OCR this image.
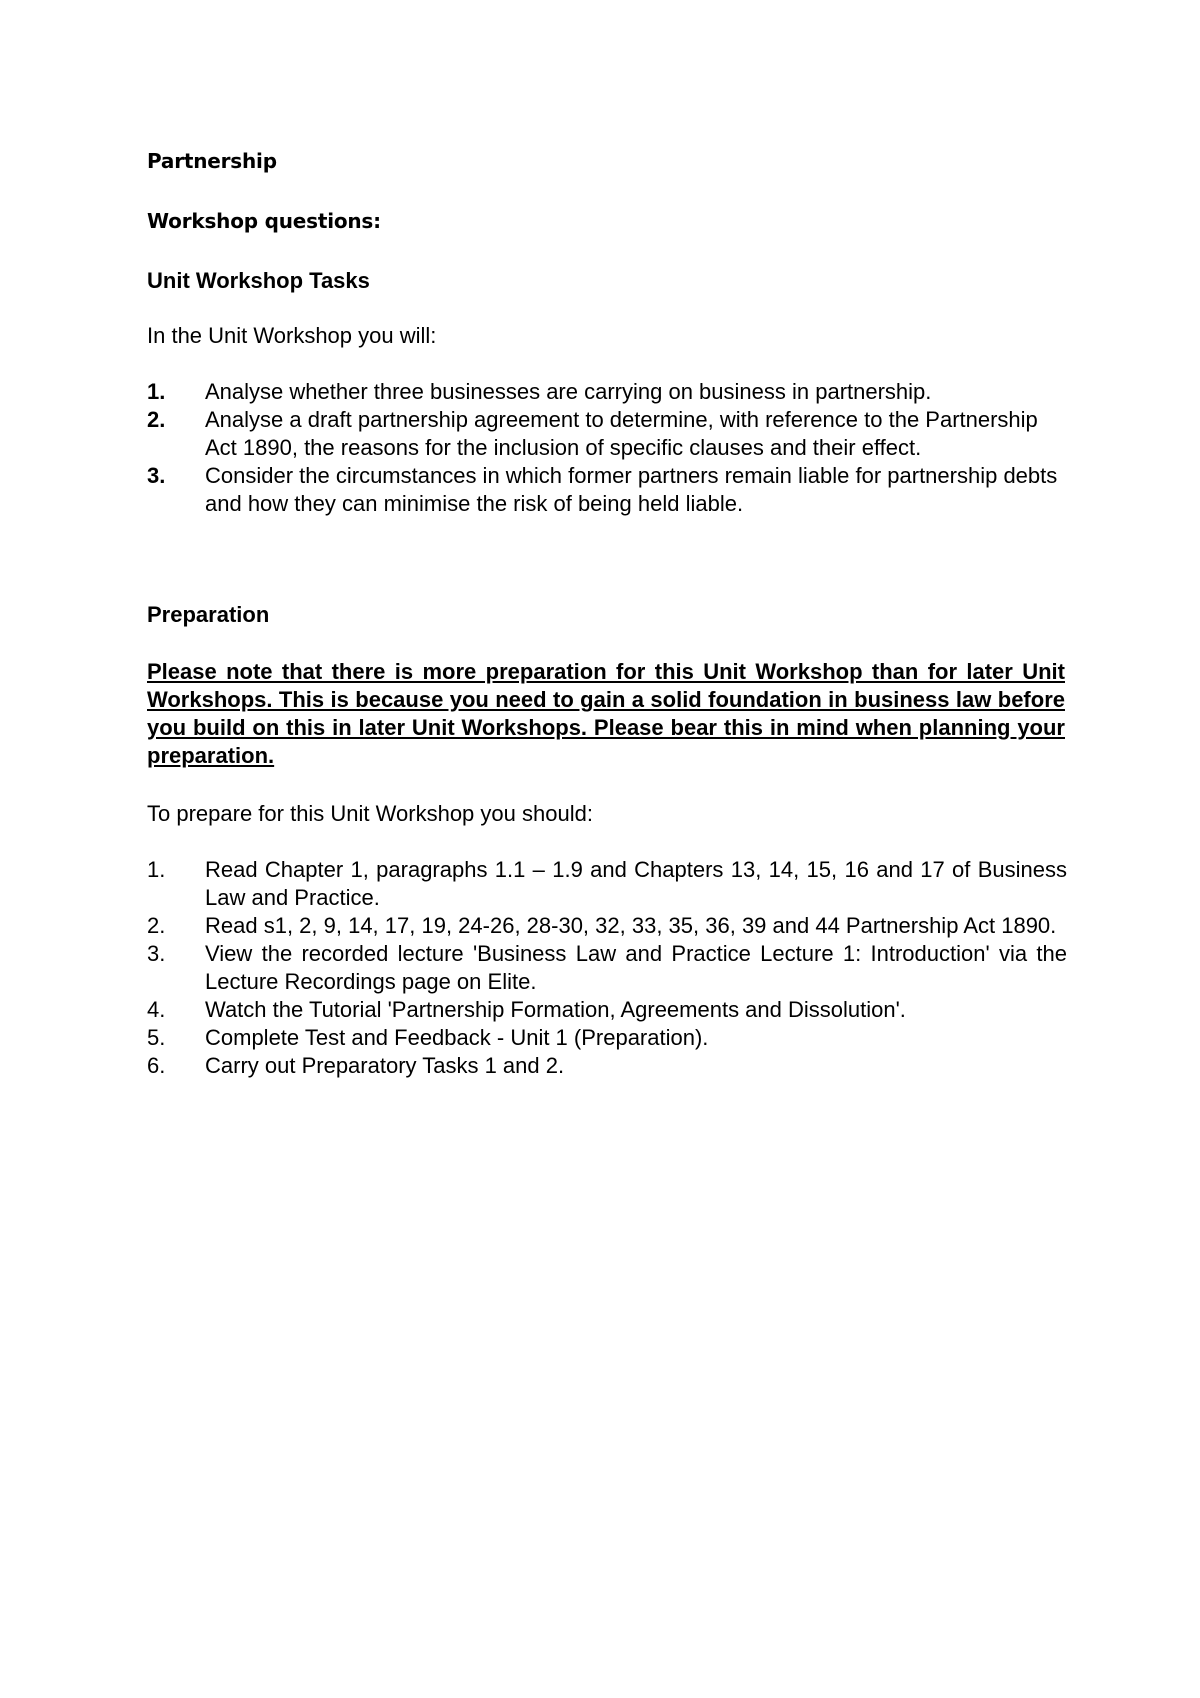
Partnership
Workshop questions:
Unit Workshop Tasks

In the Unit Workshop you will:

1.	Analyse whether three businesses are carrying on business in partnership.
2.	Analyse a draft partnership agreement to determine, with reference to the Partnership Act 1890, the reasons for the inclusion of specific clauses and their effect.
3.	Consider the circumstances in which former partners remain liable for partnership debts and how they can minimise the risk of being held liable.
Preparation

Please note that there is more preparation for this Unit Workshop than for later Unit Workshops. This is because you need to gain a solid foundation in business law before you build on this in later Unit Workshops. Please bear this in mind when planning your preparation.

To prepare for this Unit Workshop you should:

1.	Read Chapter 1, paragraphs 1.1 – 1.9 and Chapters 13, 14, 15, 16 and 17 of Business Law and Practice.
2.	Read s1, 2, 9, 14, 17, 19, 24-26, 28-30, 32, 33, 35, 36, 39 and 44 Partnership Act 1890.
3.	View the recorded lecture 'Business Law and Practice Lecture 1: Introduction' via the Lecture Recordings page on Elite.
4.	Watch the Tutorial 'Partnership Formation, Agreements and Dissolution'.
5.	Complete Test and Feedback - Unit 1 (Preparation).
6.	Carry out Preparatory Tasks 1 and 2.
